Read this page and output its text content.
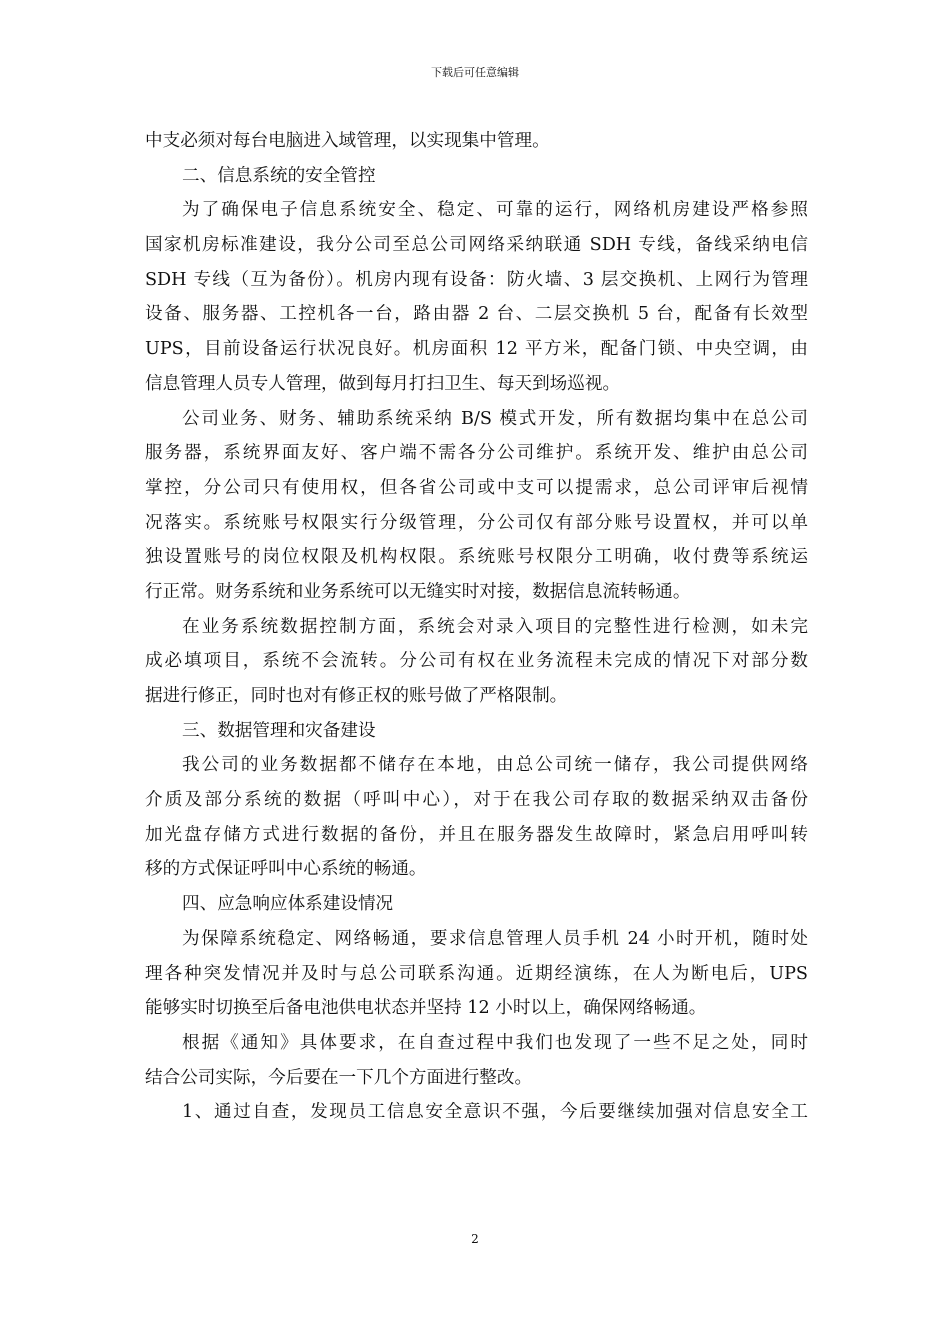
下载后可任意编辑
中支必须对每台电脑进入域管理，以实现集中管理。
二、信息系统的安全管控
为了确保电子信息系统安全、稳定、可靠的运行，网络机房建设严格参照
国家机房标准建设，我分公司至总公司网络采纳联通 SDH 专线，备线采纳电信
SDH 专线（互为备份）。机房内现有设备：防火墙、3 层交换机、上网行为管理
设备、服务器、工控机各一台，路由器 2 台、二层交换机 5 台，配备有长效型
UPS，目前设备运行状况良好。机房面积 12 平方米，配备门锁、中央空调，由
信息管理人员专人管理，做到每月打扫卫生、每天到场巡视。
公司业务、财务、辅助系统采纳 B/S 模式开发，所有数据均集中在总公司
服务器，系统界面友好、客户端不需各分公司维护。系统开发、维护由总公司
掌控，分公司只有使用权，但各省公司或中支可以提需求，总公司评审后视情
况落实。系统账号权限实行分级管理，分公司仅有部分账号设置权，并可以单
独设置账号的岗位权限及机构权限。系统账号权限分工明确，收付费等系统运
行正常。财务系统和业务系统可以无缝实时对接，数据信息流转畅通。
在业务系统数据控制方面，系统会对录入项目的完整性进行检测，如未完
成必填项目，系统不会流转。分公司有权在业务流程未完成的情况下对部分数
据进行修正，同时也对有修正权的账号做了严格限制。
三、数据管理和灾备建设
我公司的业务数据都不储存在本地，由总公司统一储存，我公司提供网络
介质及部分系统的数据（呼叫中心），对于在我公司存取的数据采纳双击备份
加光盘存储方式进行数据的备份，并且在服务器发生故障时，紧急启用呼叫转
移的方式保证呼叫中心系统的畅通。
四、应急响应体系建设情况
为保障系统稳定、网络畅通，要求信息管理人员手机 24 小时开机，随时处
理各种突发情况并及时与总公司联系沟通。近期经演练，在人为断电后，UPS
能够实时切换至后备电池供电状态并坚持 12 小时以上，确保网络畅通。
根据《通知》具体要求，在自查过程中我们也发现了一些不足之处，同时
结合公司实际，今后要在一下几个方面进行整改。
1、通过自查，发现员工信息安全意识不强，今后要继续加强对信息安全工
2
